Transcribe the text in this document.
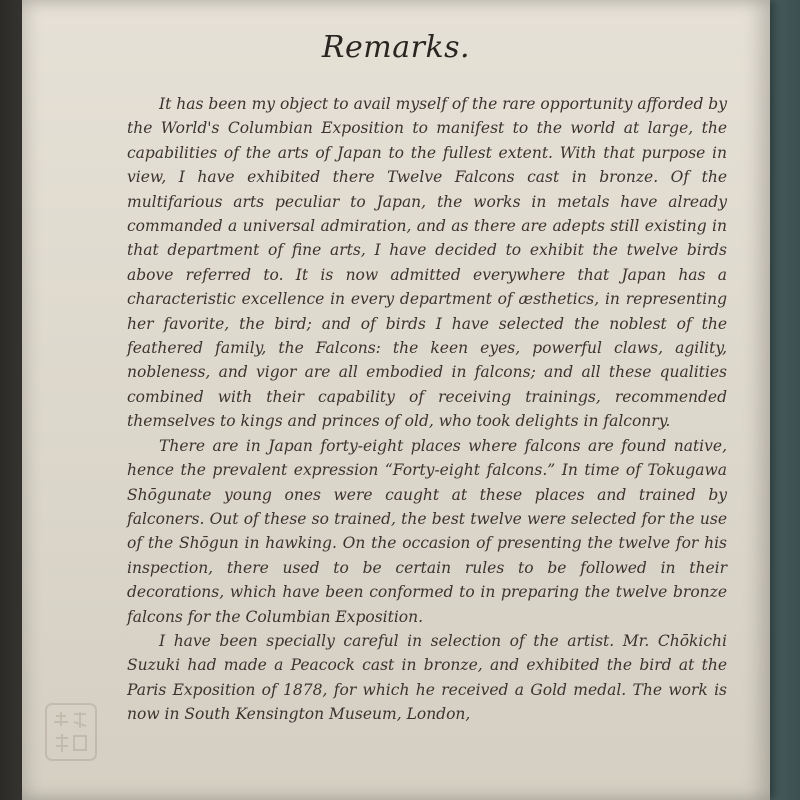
Remarks.

It has been my object to avail myself of the rare opportunity afforded by the World's Columbian Exposition to manifest to the world at large, the capabilities of the arts of Japan to the fullest extent. With that purpose in view, I have exhibited there Twelve Falcons cast in bronze. Of the multifarious arts peculiar to Japan, the works in metals have already commanded a universal admiration, and as there are adepts still existing in that department of fine arts, I have decided to exhibit the twelve birds above referred to. It is now admitted everywhere that Japan has a characteristic excellence in every department of æsthetics, in representing her favorite, the bird; and of birds I have selected the noblest of the feathered family, the Falcons: the keen eyes, powerful claws, agility, nobleness, and vigor are all embodied in falcons; and all these qualities combined with their capability of receiving trainings, recommended themselves to kings and princes of old, who took delights in falconry.

There are in Japan forty-eight places where falcons are found native, hence the prevalent expression “Forty-eight falcons.” In time of Tokugawa Shōgunate young ones were caught at these places and trained by falconers. Out of these so trained, the best twelve were selected for the use of the Shōgun in hawking. On the occasion of presenting the twelve for his inspection, there used to be certain rules to be followed in their decorations, which have been conformed to in preparing the twelve bronze falcons for the Columbian Exposition.

I have been specially careful in selection of the artist. Mr. Chōkichi Suzuki had made a Peacock cast in bronze, and exhibited the bird at the Paris Exposition of 1878, for which he received a Gold medal. The work is now in South Kensington Museum, London,
